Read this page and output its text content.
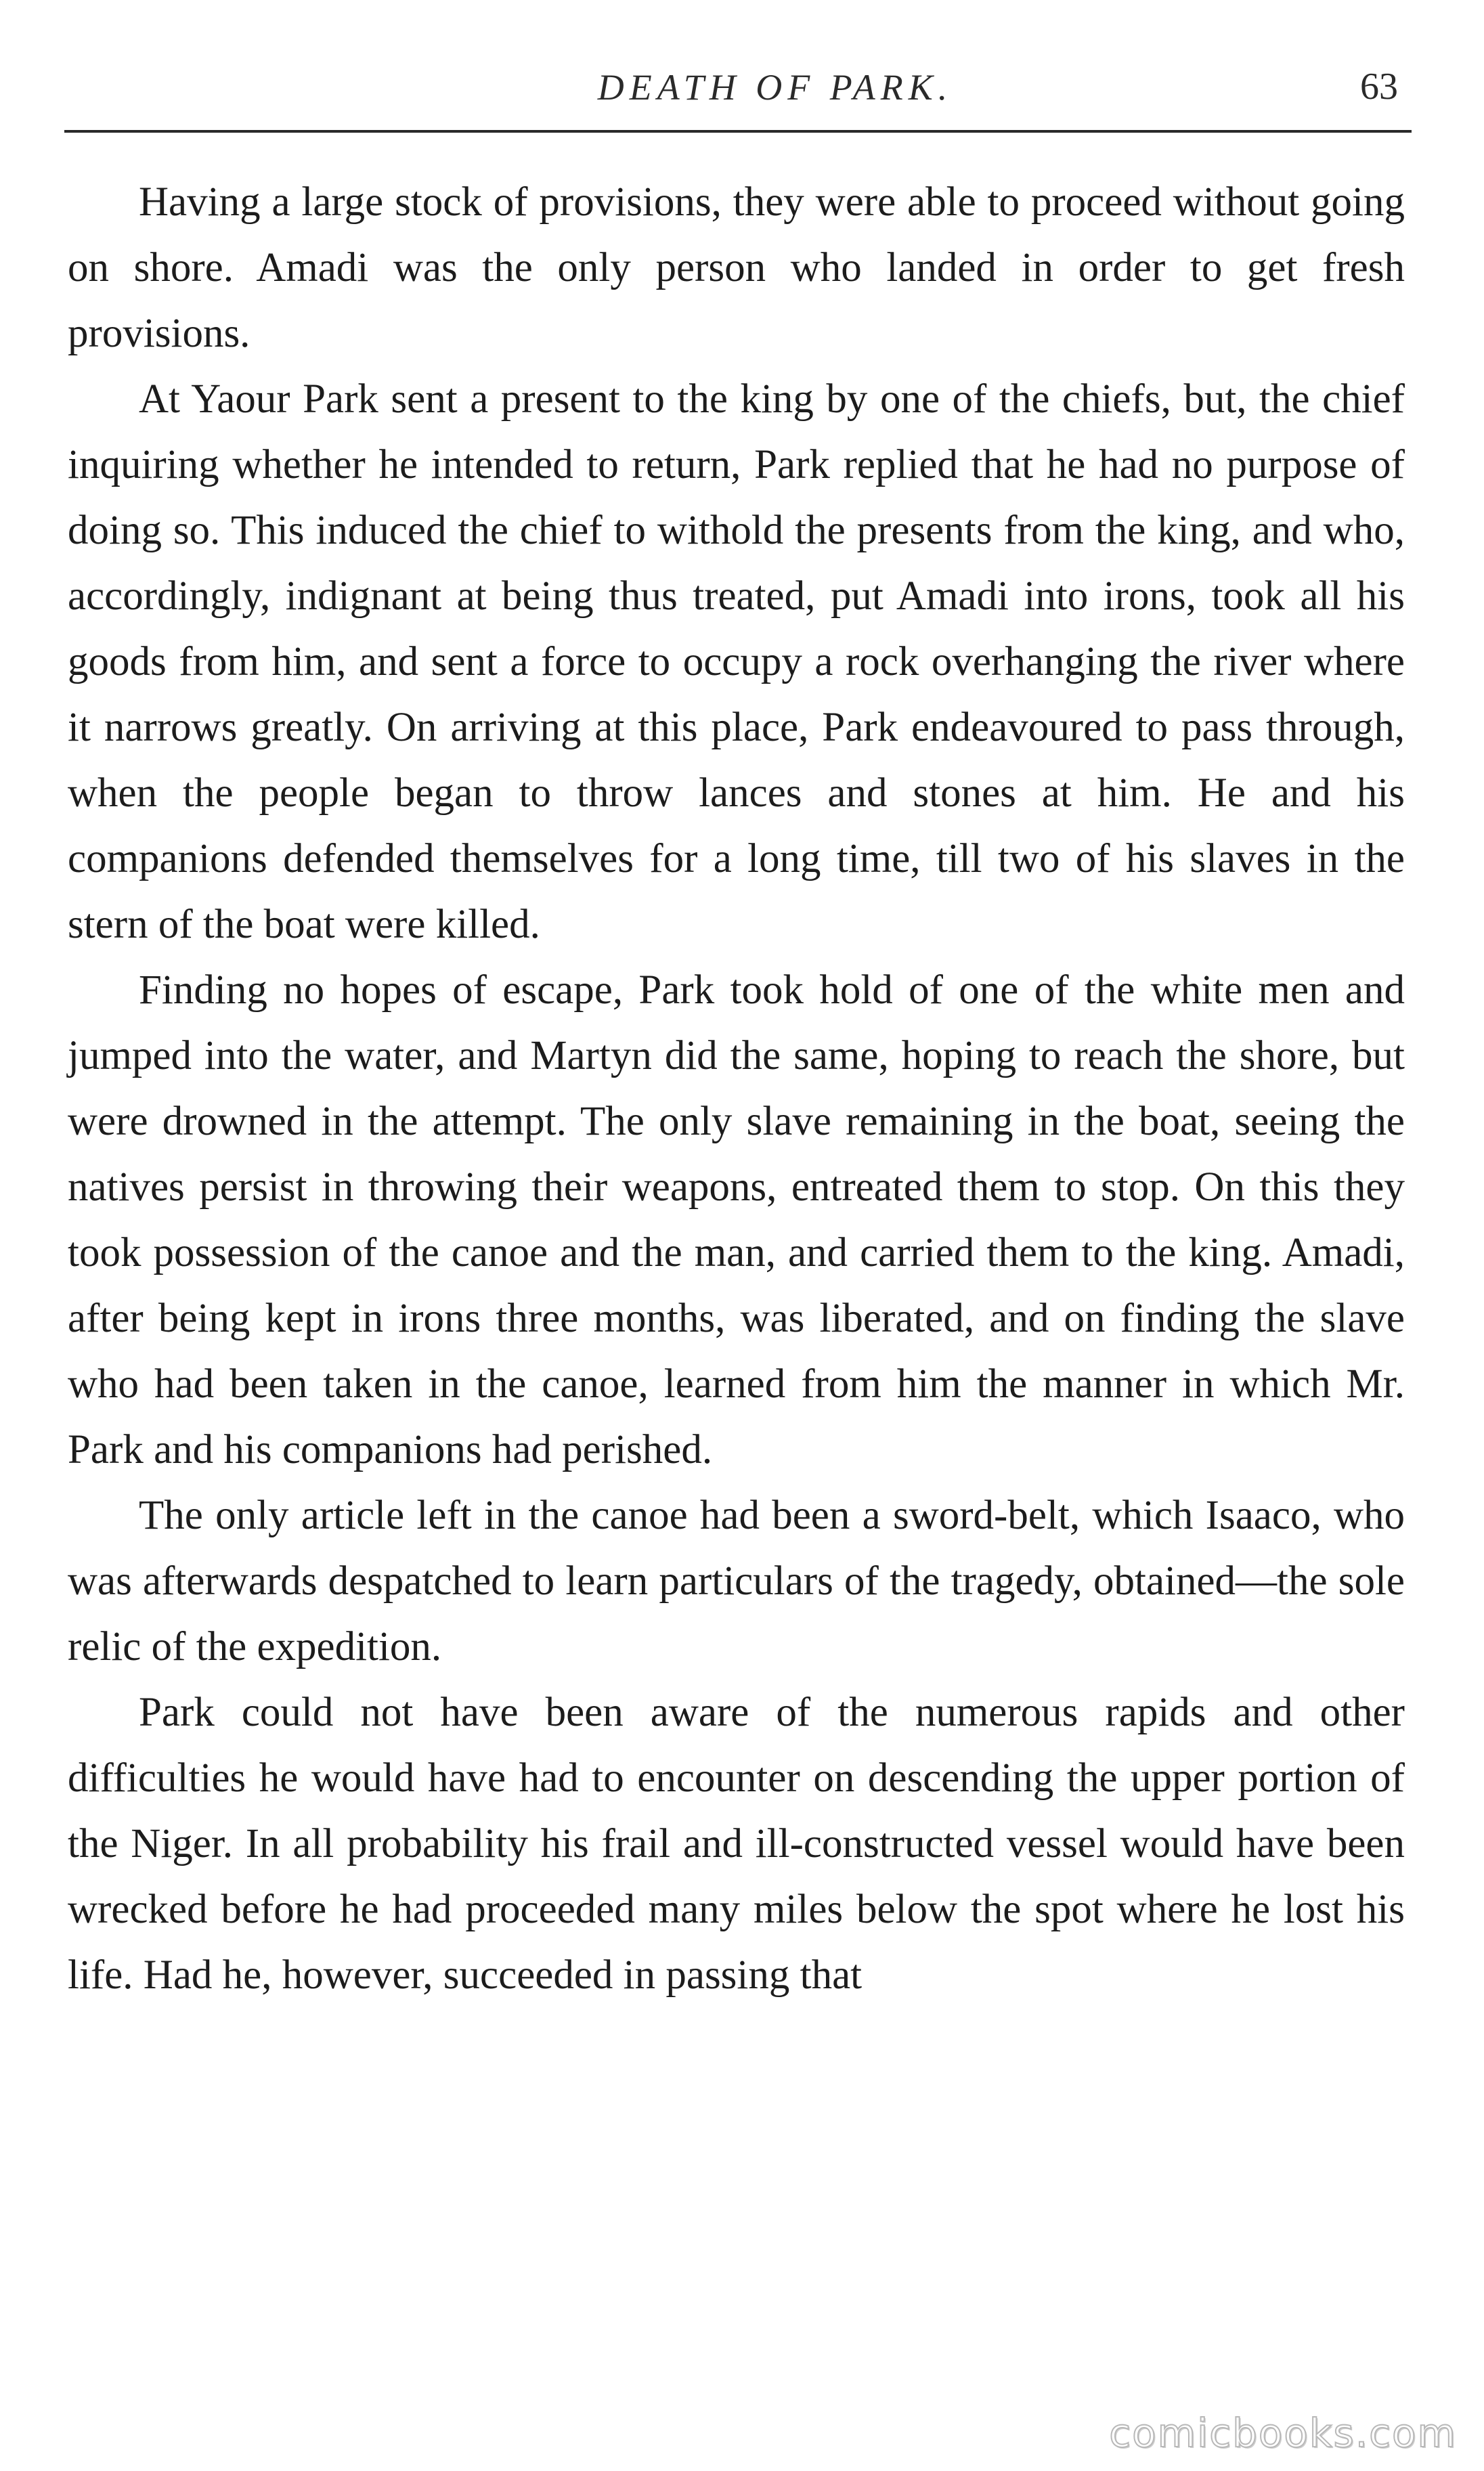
DEATH OF PARK.	63

Having a large stock of provisions, they were able to proceed without going on shore. Amadi was the only person who landed in order to get fresh provisions.

At Yaour Park sent a present to the king by one of the chiefs, but, the chief inquiring whether he intended to return, Park replied that he had no purpose of doing so. This induced the chief to withold the presents from the king, and who, accordingly, indignant at being thus treated, put Amadi into irons, took all his goods from him, and sent a force to occupy a rock overhanging the river where it narrows greatly. On arriving at this place, Park endeavoured to pass through, when the people began to throw lances and stones at him. He and his companions defended themselves for a long time, till two of his slaves in the stern of the boat were killed.

Finding no hopes of escape, Park took hold of one of the white men and jumped into the water, and Martyn did the same, hoping to reach the shore, but were drowned in the attempt. The only slave remaining in the boat, seeing the natives persist in throwing their weapons, entreated them to stop. On this they took possession of the canoe and the man, and carried them to the king. Amadi, after being kept in irons three months, was liberated, and on finding the slave who had been taken in the canoe, learned from him the manner in which Mr. Park and his companions had perished.

The only article left in the canoe had been a sword-belt, which Isaaco, who was afterwards despatched to learn particulars of the tragedy, obtained—the sole relic of the expedition.

Park could not have been aware of the numerous rapids and other difficulties he would have had to encounter on descending the upper portion of the Niger. In all probability his frail and ill-constructed vessel would have been wrecked before he had proceeded many miles below the spot where he lost his life. Had he, however, succeeded in passing that

comicbooks.com
